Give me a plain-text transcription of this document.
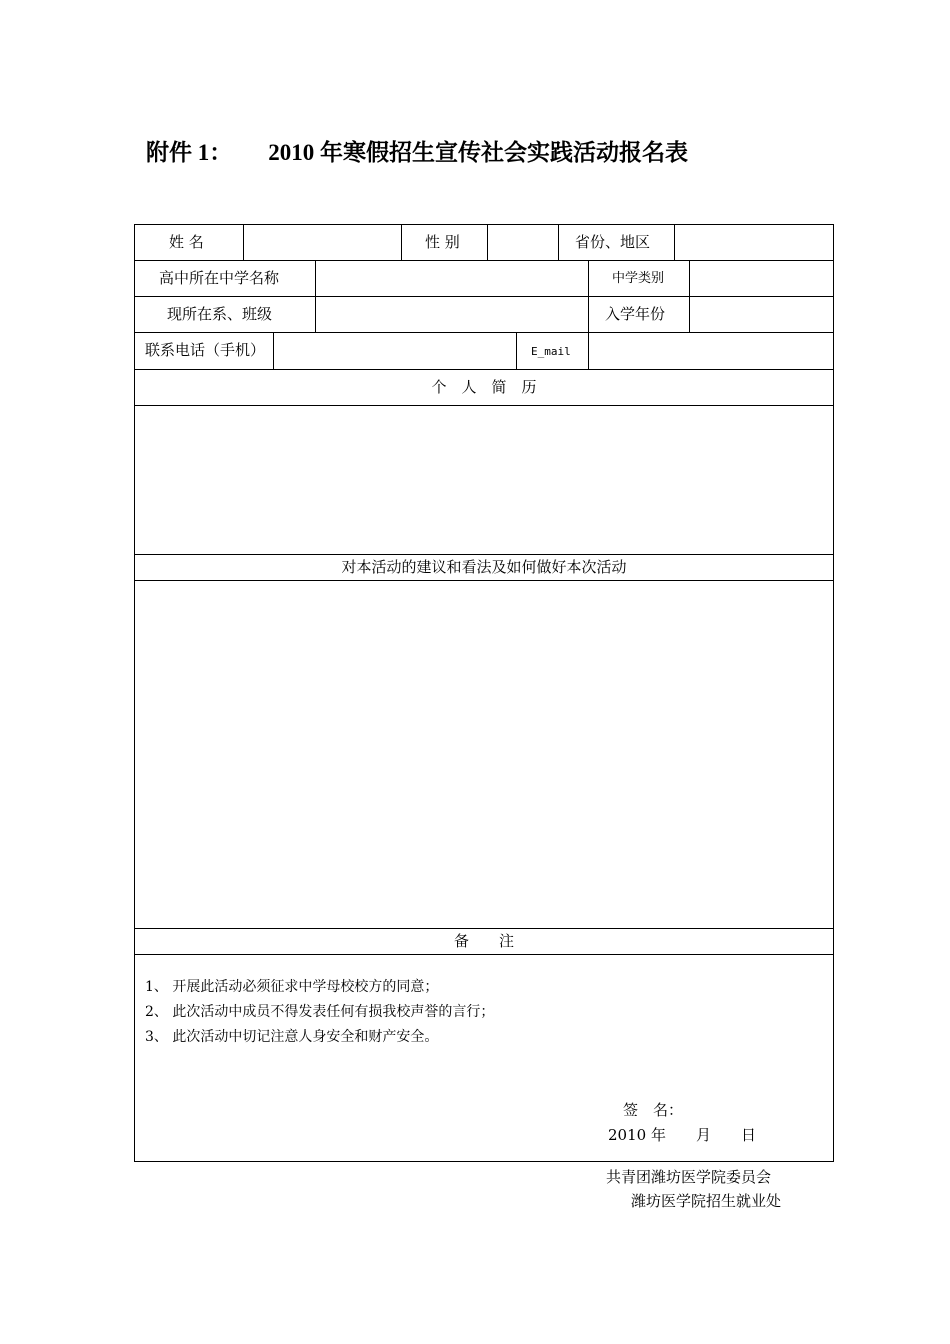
附件 1： 2010 年寒假招生宣传社会实践活动报名表
姓 名	性 别	省份、地区
高中所在中学名称	中学类别
现所在系、班级	入学年份
联系电话（手机）	E_mail
个　人　简　历
对本活动的建议和看法及如何做好本次活动
备　　注
1、 开展此活动必须征求中学母校校方的同意；
2、 此次活动中成员不得发表任何有损我校声誉的言行；
3、 此次活动中切记注意人身安全和财产安全。
签　名：
2010 年　　月　　日
共青团潍坊医学院委员会
潍坊医学院招生就业处
